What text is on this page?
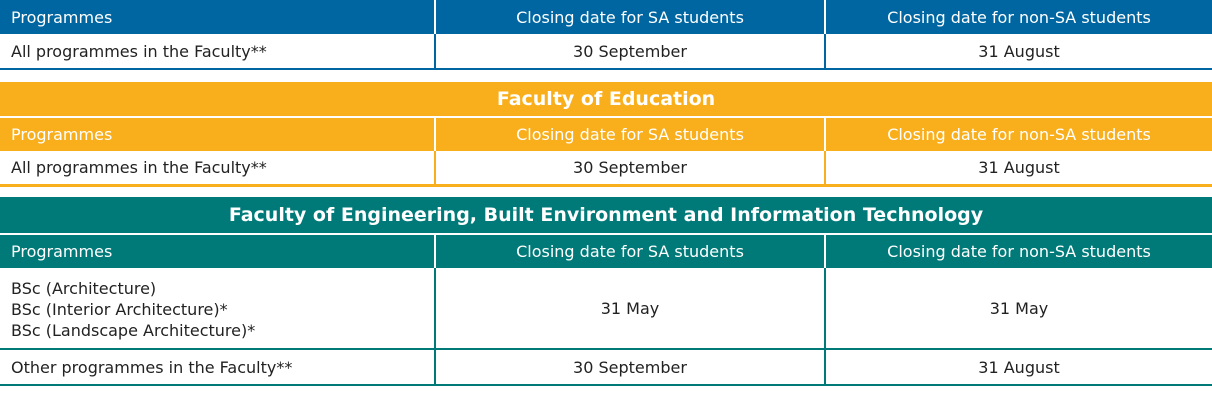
Programmes	Closing date for SA students	Closing date for non-SA students
All programmes in the Faculty**	30 September	31 August
Faculty of Education		
Programmes	Closing date for SA students	Closing date for non-SA students
All programmes in the Faculty**	30 September	31 August
Faculty of Engineering, Built Environment and Information Technology		
Programmes	Closing date for SA students	Closing date for non-SA students

BSc (Architecture)
BSc (Interior Architecture)*
BSc (Landscape Architecture)*	31 May	31 May
Other programmes in the Faculty**	30 September	31 August
